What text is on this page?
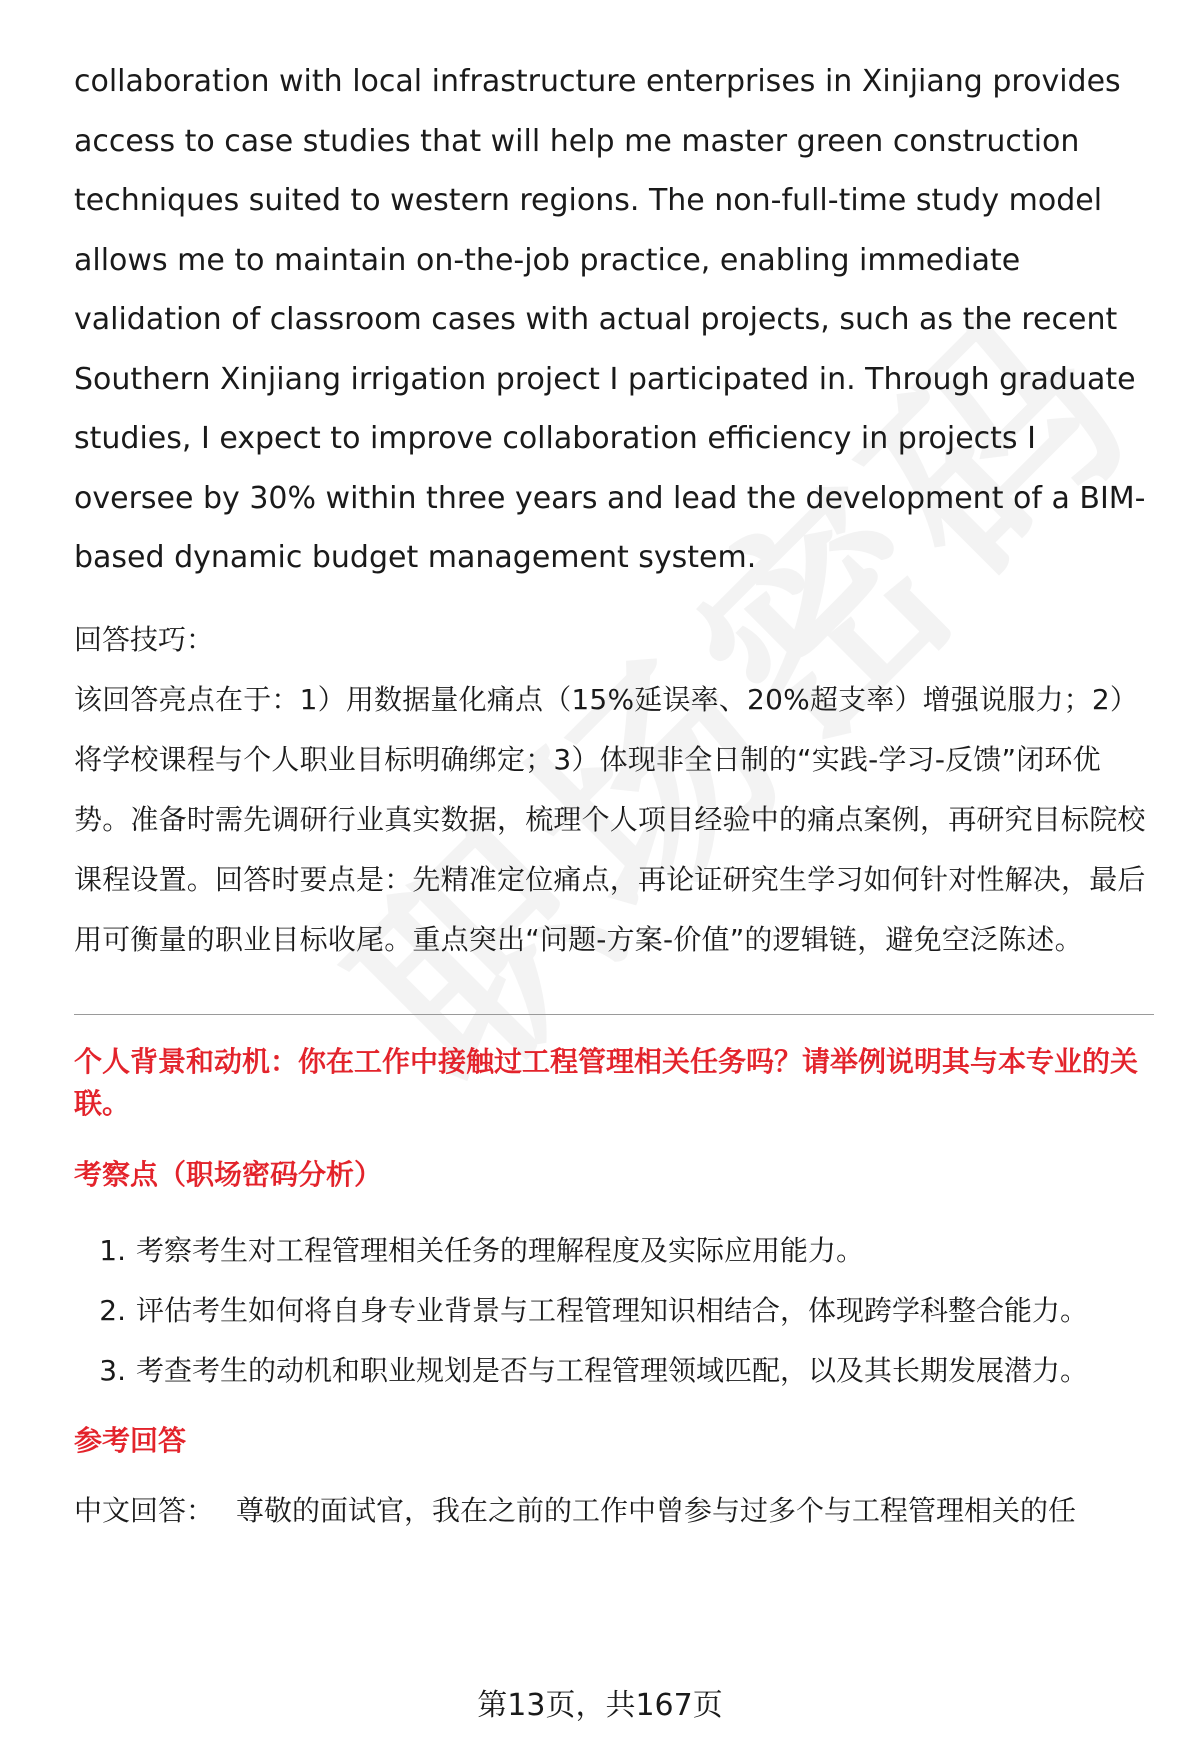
collaboration with local infrastructure enterprises in Xinjiang provides access to case studies that will help me master green construction techniques suited to western regions. The non-full-time study model allows me to maintain on-the-job practice, enabling immediate validation of classroom cases with actual projects, such as the recent Southern Xinjiang irrigation project I participated in. Through graduate studies, I expect to improve collaboration efficiency in projects I oversee by 30% within three years and lead the development of a BIM-based dynamic budget management system.

回答技巧：

该回答亮点在于：1）用数据量化痛点（15%延误率、20%超支率）增强说服力；2）将学校课程与个人职业目标明确绑定；3）体现非全日制的“实践-学习-反馈”闭环优势。准备时需先调研行业真实数据，梳理个人项目经验中的痛点案例，再研究目标院校课程设置。回答时要点是：先精准定位痛点，再论证研究生学习如何针对性解决，最后用可衡量的职业目标收尾。重点突出“问题-方案-价值”的逻辑链，避免空泛陈述。

个人背景和动机：你在工作中接触过工程管理相关任务吗？请举例说明其与本专业的关联。

考察点（职场密码分析）
1. 考察考生对工程管理相关任务的理解程度及实际应用能力。
2. 评估考生如何将自身专业背景与工程管理知识相结合，体现跨学科整合能力。
3. 考查考生的动机和职业规划是否与工程管理领域匹配，以及其长期发展潜力。
参考回答
中文回答： 尊敬的面试官，我在之前的工作中曾参与过多个与工程管理相关的任
第13页，共167页
